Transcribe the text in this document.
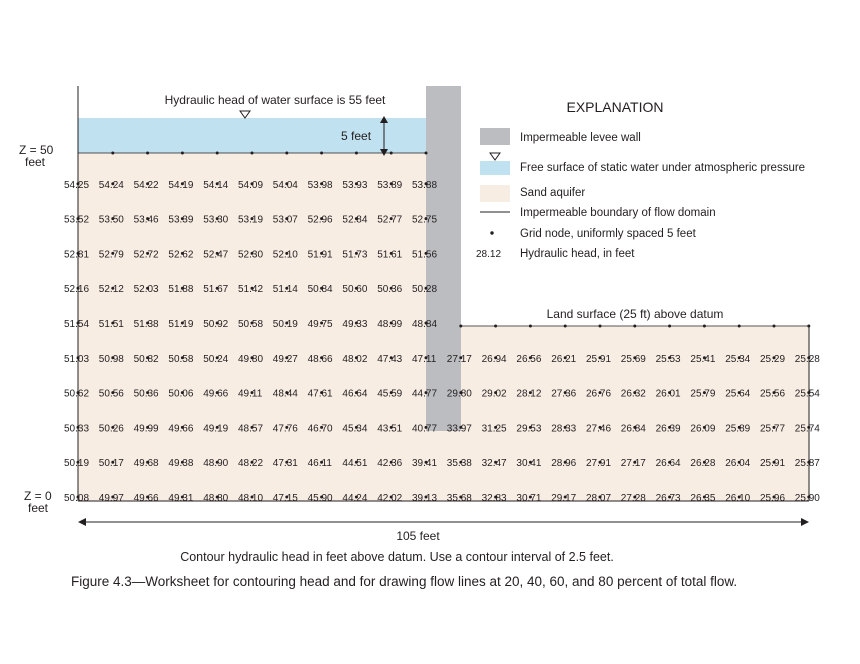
Hydraulic head of water surface is 55 feet
5 feet
Z = 50
feet
Z = 0
feet
Land surface (25 ft) above datum
105 feet
54.25 54.24 54.22 54.19 54.14 54.09 54.04 53.98 53.93 53.89 53.88
53.52 53.50 53.46 53.39 53.30 53.19 53.07 52.96 52.84 52.77 52.75
52.81 52.79 52.72 52.62 52.47 52.30 52.10 51.91 51.73 51.61 51.56
52.16 52.12 52.03 51.88 51.67 51.42 51.14 50.84 50.60 50.36 50.28
51.54 51.51 51.38 51.19 50.92 50.58 50.19 49.75 49.33 48.99 48.84
51.03 50.98 50.82 50.58 50.24 49.80 49.27 48.66 48.02 47.43 47.11 27.17 26.94 26.56 26.21 25.91 25.69 25.53 25.41 25.34 25.29 25.28
50.62 50.56 50.36 50.06 49.66 49.11 48.44 47.61 46.64 45.59 44.77 29.80 29.02 28.12 27.36 26.76 26.32 26.01 25.79 25.64 25.56 25.54
50.33 50.26 49.99 49.66 49.19 48.57 47.76 46.70 45.34 43.51 40.77 33.97 31.25 29.53 28.33 27.46 26.84 26.39 26.09 25.89 25.77 25.74
50.19 50.17 49.68 49.38 48.90 48.22 47.31 46.11 44.51 42.36 39.41 35.38 32.47 30.41 28.96 27.91 27.17 26.64 26.28 26.04 25.91 25.87
50.08 49.97 49.66 49.31 48.80 48.10 47.15 45.90 44.24 42.02 39.13 35.68 32.83 30.71 29.17 28.07 27.28 26.73 26.35 26.10 25.96 25.90
EXPLANATION
Impermeable levee wall
Free surface of static water under atmospheric pressure
Sand aquifer
Impermeable boundary of flow domain
Grid node, uniformly spaced 5 feet
28.12 Hydraulic head, in feet
Contour hydraulic head in feet above datum. Use a contour interval of 2.5 feet.
Figure 4.3—Worksheet for contouring head and for drawing flow lines at 20, 40, 60, and 80 percent of total flow.
